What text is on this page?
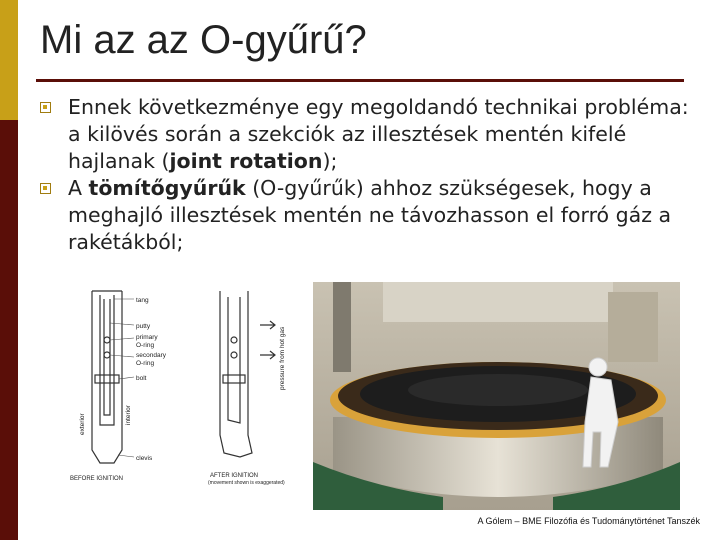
Mi az az O-gyűrű?
Ennek következménye egy megoldandó technikai probléma: a kilövés során a szekciók az illesztések mentén kifelé hajlanak (joint rotation);
A tömítőgyűrűk (O-gyűrűk) ahhoz szükségesek, hogy a meghajló illesztések mentén ne távozhasson el forró gáz a rakétákból;
tang
putty
primary
O-ring
secondary
O-ring
bolt
clevis
BEFORE IGNITION	AFTER IGNITION
(movement shown is exaggerated)
exterior	interior
pressure from hot gas
A Gólem – BME Filozófia és Tudománytörténet Tanszék
